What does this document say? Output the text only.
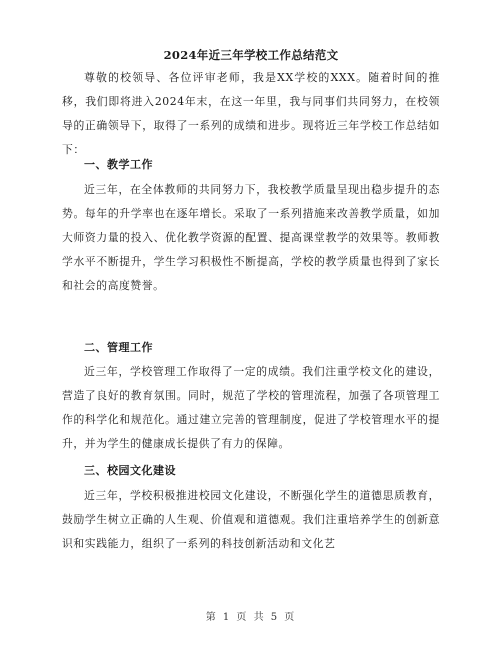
2024年近三年学校工作总结范文

尊敬的校领导、各位评审老师，我是XX学校的XXX。随着时间的推移，我们即将进入2024年末，在这一年里，我与同事们共同努力，在校领导的正确领导下，取得了一系列的成绩和进步。现将近三年学校工作总结如下：

一、教学工作

近三年，在全体教师的共同努力下，我校教学质量呈现出稳步提升的态势。每年的升学率也在逐年增长。采取了一系列措施来改善教学质量，如加大师资力量的投入、优化教学资源的配置、提高课堂教学的效果等。教师教学水平不断提升，学生学习积极性不断提高，学校的教学质量也得到了家长和社会的高度赞誉。

二、管理工作

近三年，学校管理工作取得了一定的成绩。我们注重学校文化的建设，营造了良好的教育氛围。同时，规范了学校的管理流程，加强了各项管理工作的科学化和规范化。通过建立完善的管理制度，促进了学校管理水平的提升，并为学生的健康成长提供了有力的保障。

三、校园文化建设

近三年，学校积极推进校园文化建设，不断强化学生的道德思质教育，鼓励学生树立正确的人生观、价值观和道德观。我们注重培养学生的创新意识和实践能力，组织了一系列的科技创新活动和文化艺

第 1 页 共 5 页
